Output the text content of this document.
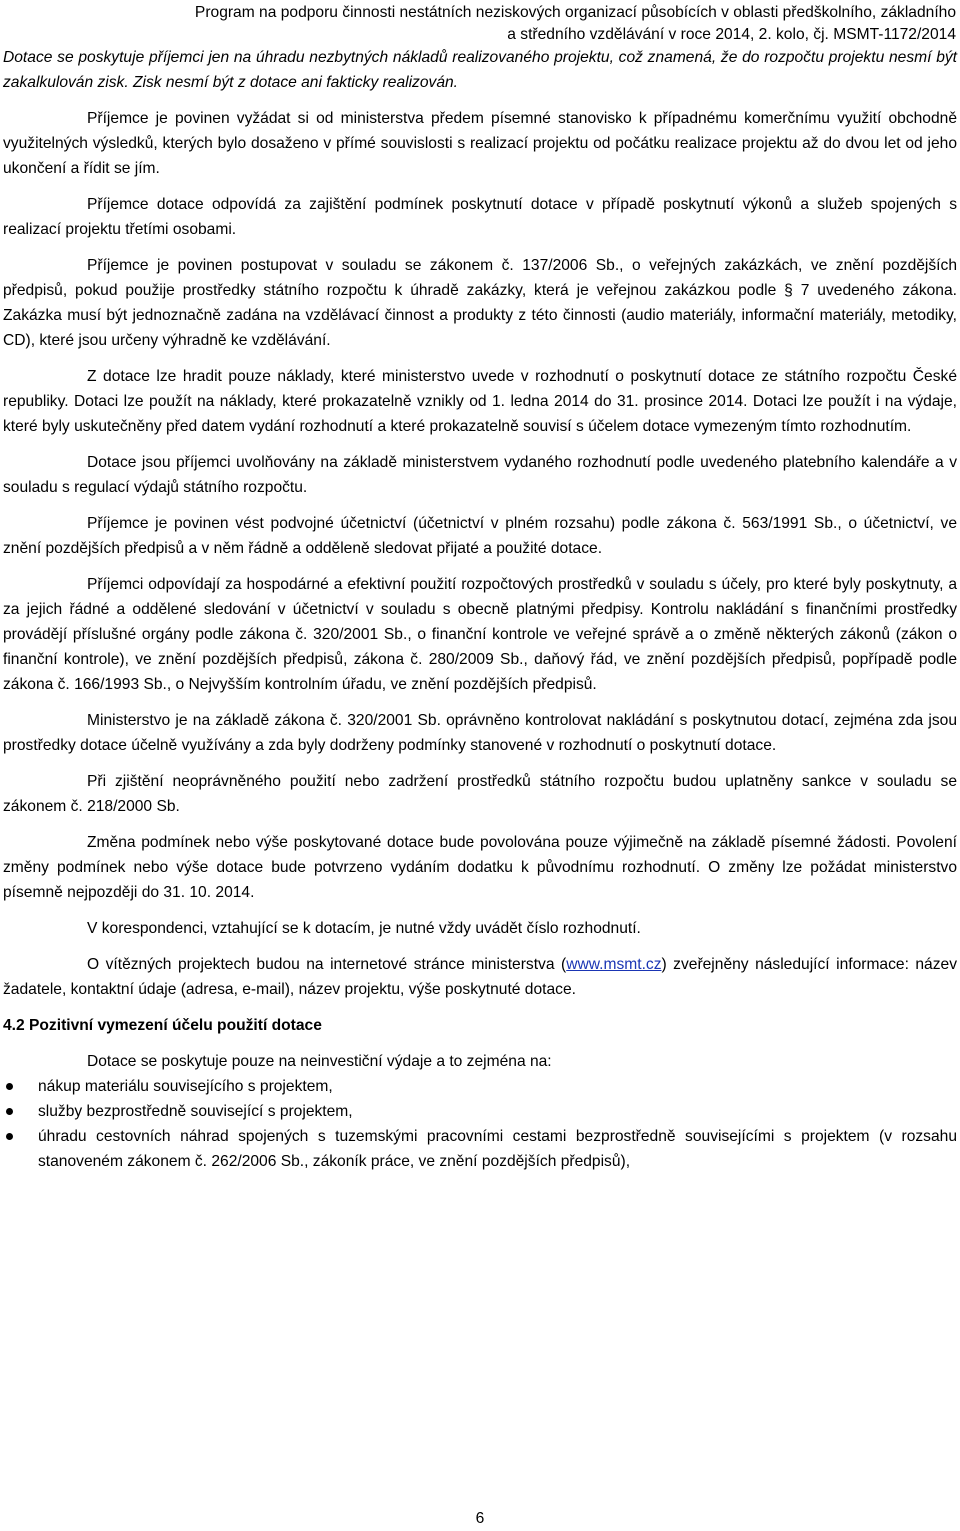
Program na podporu činnosti nestátních neziskových organizací působících v oblasti předškolního, základního
a středního vzdělávání v roce 2014, 2. kolo, čj. MSMT-1172/2014

Dotace se poskytuje příjemci jen na úhradu nezbytných nákladů realizovaného projektu, což znamená, že do rozpočtu projektu nesmí být zakalkulován zisk. Zisk nesmí být z dotace ani fakticky realizován.

Příjemce je povinen vyžádat si od ministerstva předem písemné stanovisko k případnému komerčnímu využití obchodně využitelných výsledků, kterých bylo dosaženo v přímé souvislosti s realizací projektu od počátku realizace projektu až do dvou let od jeho ukončení a řídit se jím.

Příjemce dotace odpovídá za zajištění podmínek poskytnutí dotace v případě poskytnutí výkonů a služeb spojených s realizací projektu třetími osobami.

Příjemce je povinen postupovat v souladu se zákonem č. 137/2006 Sb., o veřejných zakázkách, ve znění pozdějších předpisů, pokud použije prostředky státního rozpočtu k úhradě zakázky, která je veřejnou zakázkou podle § 7 uvedeného zákona. Zakázka musí být jednoznačně zadána na vzdělávací činnost a produkty z této činnosti (audio materiály, informační materiály, metodiky, CD), které jsou určeny výhradně ke vzdělávání.

Z dotace lze hradit pouze náklady, které ministerstvo uvede v rozhodnutí o poskytnutí dotace ze státního rozpočtu České republiky. Dotaci lze použít na náklady, které prokazatelně vznikly od 1. ledna 2014 do 31. prosince 2014. Dotaci lze použít i na výdaje, které byly uskutečněny před datem vydání rozhodnutí a které prokazatelně souvisí s účelem dotace vymezeným tímto rozhodnutím.

Dotace jsou příjemci uvolňovány na základě ministerstvem vydaného rozhodnutí podle uvedeného platebního kalendáře a v souladu s regulací výdajů státního rozpočtu.

Příjemce je povinen vést podvojné účetnictví (účetnictví v plném rozsahu) podle zákona č. 563/1991 Sb., o účetnictví, ve znění pozdějších předpisů a v něm řádně a odděleně sledovat přijaté a použité dotace.

Příjemci odpovídají za hospodárné a efektivní použití rozpočtových prostředků v souladu s účely, pro které byly poskytnuty, a za jejich řádné a oddělené sledování v účetnictví v souladu s obecně platnými předpisy. Kontrolu nakládání s finančními prostředky provádějí příslušné orgány podle zákona č. 320/2001 Sb., o finanční kontrole ve veřejné správě a o změně některých zákonů (zákon o finanční kontrole), ve znění pozdějších předpisů, zákona č. 280/2009 Sb., daňový řád, ve znění pozdějších předpisů, popřípadě podle zákona č. 166/1993 Sb., o Nejvyšším kontrolním úřadu, ve znění pozdějších předpisů.

Ministerstvo je na základě zákona č. 320/2001 Sb. oprávněno kontrolovat nakládání s poskytnutou dotací, zejména zda jsou prostředky dotace účelně využívány a zda byly dodrženy podmínky stanovené v rozhodnutí o poskytnutí dotace.

Při zjištění neoprávněného použití nebo zadržení prostředků státního rozpočtu budou uplatněny sankce v souladu se zákonem č. 218/2000 Sb.

Změna podmínek nebo výše poskytované dotace bude povolována pouze výjimečně na základě písemné žádosti. Povolení změny podmínek nebo výše dotace bude potvrzeno vydáním dodatku k původnímu rozhodnutí. O změny lze požádat ministerstvo písemně nejpozději do 31. 10. 2014.

V korespondenci, vztahující se k dotacím, je nutné vždy uvádět číslo rozhodnutí.

O vítězných projektech budou na internetové stránce ministerstva (www.msmt.cz) zveřejněny následující informace: název žadatele, kontaktní údaje (adresa, e-mail), název projektu, výše poskytnuté dotace.

4.2 Pozitivní vymezení účelu použití dotace

Dotace se poskytuje pouze na neinvestiční výdaje a to zejména na:

nákup materiálu souvisejícího s projektem,
služby bezprostředně související s projektem,
úhradu cestovních náhrad spojených s tuzemskými pracovními cestami bezprostředně souvisejícími s projektem (v rozsahu stanoveném zákonem č. 262/2006 Sb., zákoník práce, ve znění pozdějších předpisů),
6
